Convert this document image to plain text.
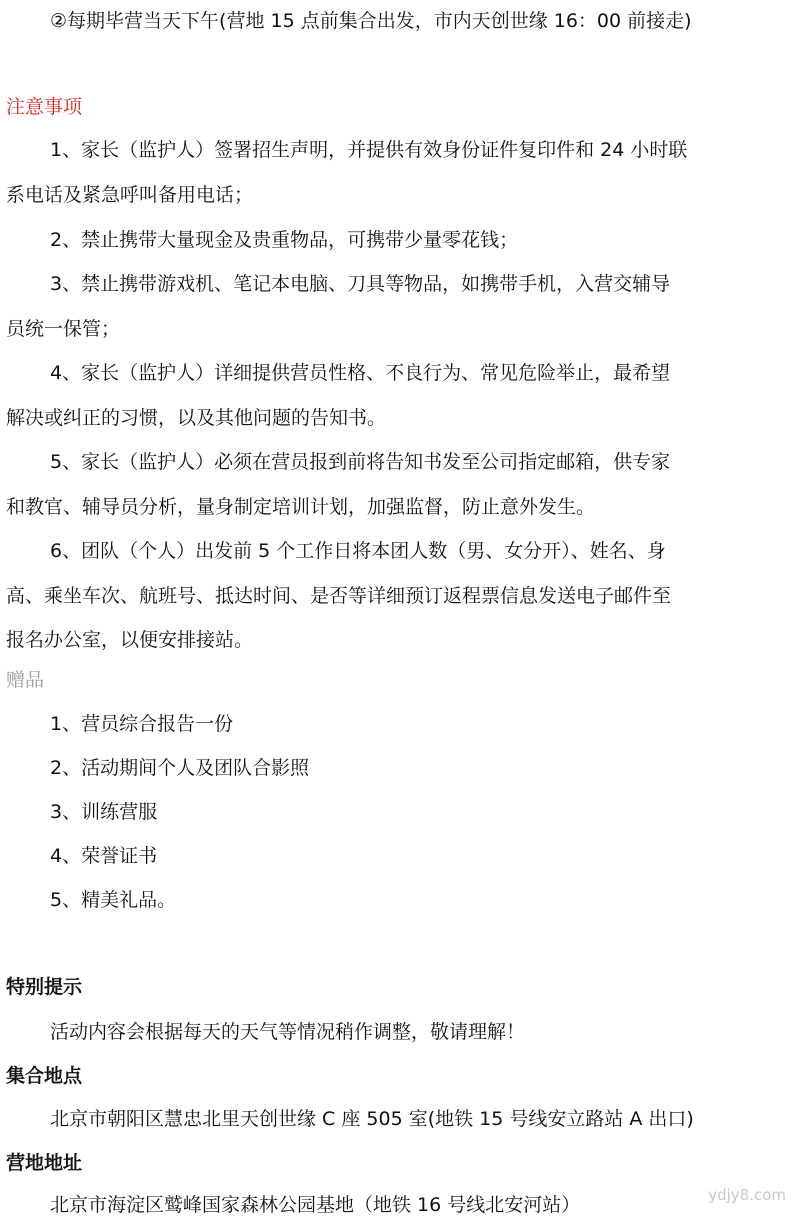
②每期毕营当天下午(营地 15 点前集合出发，市内天创世缘 16：00 前接走)
注意事项
1、家长（监护人）签署招生声明，并提供有效身份证件复印件和 24 小时联
系电话及紧急呼叫备用电话；
2、禁止携带大量现金及贵重物品，可携带少量零花钱；
3、禁止携带游戏机、笔记本电脑、刀具等物品，如携带手机，入营交辅导
员统一保管；
4、家长（监护人）详细提供营员性格、不良行为、常见危险举止，最希望
解决或纠正的习惯，以及其他问题的告知书。
5、家长（监护人）必须在营员报到前将告知书发至公司指定邮箱，供专家
和教官、辅导员分析，量身制定培训计划，加强监督，防止意外发生。
6、团队（个人）出发前 5 个工作日将本团人数（男、女分开）、姓名、身
高、乘坐车次、航班号、抵达时间、是否等详细预订返程票信息发送电子邮件至
报名办公室，以便安排接站。
赠品
1、营员综合报告一份
2、活动期间个人及团队合影照
3、训练营服
4、荣誉证书
5、精美礼品。
特别提示
活动内容会根据每天的天气等情况稍作调整，敬请理解！
集合地点
北京市朝阳区慧忠北里天创世缘 C 座 505 室(地铁 15 号线安立路站 A 出口)
营地地址
北京市海淀区鹫峰国家森林公园基地（地铁 16 号线北安河站）	ydjy8.com
